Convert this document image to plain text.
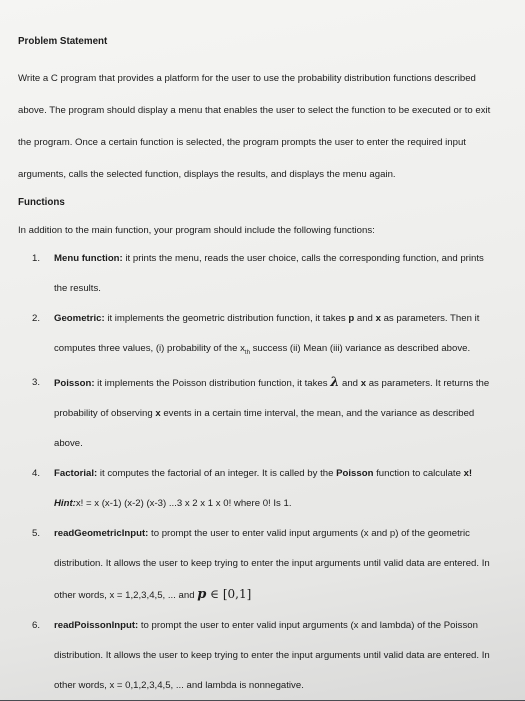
Problem Statement

Write a C program that provides a platform for the user to use the probability distribution functions described above. The program should display a menu that enables the user to select the function to be executed or to exit the program. Once a certain function is selected, the program prompts the user to enter the required input arguments, calls the selected function, displays the results, and displays the menu again.

Functions

In addition to the main function, your program should include the following functions:

1. Menu function: it prints the menu, reads the user choice, calls the corresponding function, and prints the results.
2. Geometric: it implements the geometric distribution function, it takes p and x as parameters. Then it computes three values, (i) probability of the $x_{th}$ success (ii) Mean (iii) variance as described above.
3. Poisson: it implements the Poisson distribution function, it takes λ and x as parameters. It returns the probability of observing x events in a certain time interval, the mean, and the variance as described above.
4. Factorial: it computes the factorial of an integer. It is called by the Poisson function to calculate x!
Hint:x! = x (x-1) (x-2) (x-3) ...3 x 2 x 1 x 0! where 0! Is 1.
5. readGeometricInput: to prompt the user to enter valid input arguments (x and p) of the geometric distribution. It allows the user to keep trying to enter the input arguments until valid data are entered. In other words, x = 1,2,3,4,5, ... and p ∈ [0,1]
6. readPoissonInput: to prompt the user to enter valid input arguments (x and lambda) of the Poisson distribution. It allows the user to keep trying to enter the input arguments until valid data are entered. In other words, x = 0,1,2,3,4,5, ... and lambda is nonnegative.
